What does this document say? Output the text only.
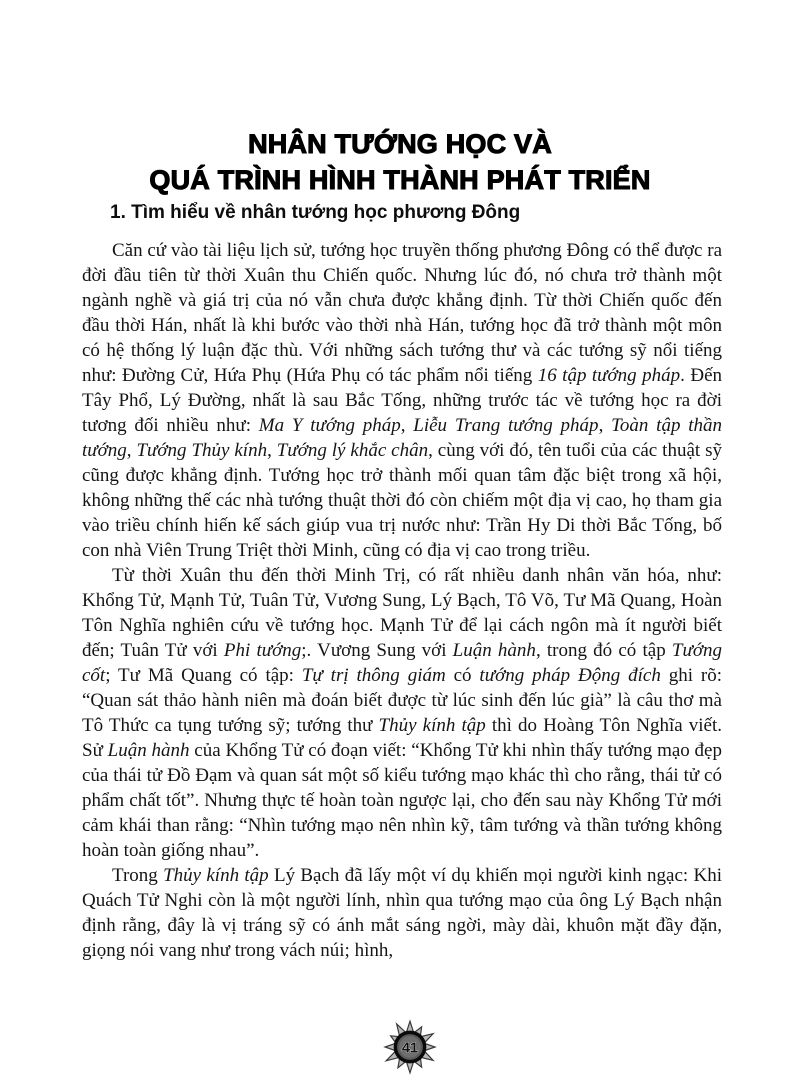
NHÂN TƯỚNG HỌC VÀ
QUÁ TRÌNH HÌNH THÀNH PHÁT TRIỂN
1. Tìm hiểu về nhân tướng học phương Đông

Căn cứ vào tài liệu lịch sử, tướng học truyền thống phương Đông có thể được ra đời đầu tiên từ thời Xuân thu Chiến quốc. Nhưng lúc đó, nó chưa trở thành một ngành nghề và giá trị của nó vẫn chưa được khẳng định. Từ thời Chiến quốc đến đầu thời Hán, nhất là khi bước vào thời nhà Hán, tướng học đã trở thành một môn có hệ thống lý luận đặc thù. Với những sách tướng thư và các tướng sỹ nổi tiếng như: Đường Cử, Hứa Phụ (Hứa Phụ có tác phẩm nổi tiếng 16 tập tướng pháp. Đến Tây Phổ, Lý Đường, nhất là sau Bắc Tống, những trước tác về tướng học ra đời tương đối nhiều như: Ma Y tướng pháp, Liễu Trang tướng pháp, Toàn tập thần tướng, Tướng Thủy kính, Tướng lý khắc chân, cùng với đó, tên tuổi của các thuật sỹ cũng được khẳng định. Tướng học trở thành mối quan tâm đặc biệt trong xã hội, không những thế các nhà tướng thuật thời đó còn chiếm một địa vị cao, họ tham gia vào triều chính hiến kế sách giúp vua trị nước như: Trần Hy Di thời Bắc Tống, bố con nhà Viên Trung Triệt thời Minh, cũng có địa vị cao trong triều.

Từ thời Xuân thu đến thời Minh Trị, có rất nhiều danh nhân văn hóa, như: Khổng Tử, Mạnh Tử, Tuân Tử, Vương Sung, Lý Bạch, Tô Võ, Tư Mã Quang, Hoàn Tôn Nghĩa nghiên cứu về tướng học. Mạnh Tử để lại cách ngôn mà ít người biết đến; Tuân Tử với Phi tướng;. Vương Sung với Luận hành, trong đó có tập Tướng cốt; Tư Mã Quang có tập: Tự trị thông giám có tướng pháp Động đích ghi rõ: “Quan sát thảo hành niên mà đoán biết được từ lúc sinh đến lúc già” là câu thơ mà Tô Thức ca tụng tướng sỹ; tướng thư Thủy kính tập thì do Hoàng Tôn Nghĩa viết. Sử Luận hành của Khổng Tử có đoạn viết: “Khổng Tử khi nhìn thấy tướng mạo đẹp của thái tử Đồ Đạm và quan sát một số kiểu tướng mạo khác thì cho rằng, thái tử có phẩm chất tốt”. Nhưng thực tế hoàn toàn ngược lại, cho đến sau này Khổng Tử mới cảm khái than rằng: “Nhìn tướng mạo nên nhìn kỹ, tâm tướng và thần tướng không hoàn toàn giống nhau”.

Trong Thủy kính tập Lý Bạch đã lấy một ví dụ khiến mọi người kinh ngạc: Khi Quách Tử Nghi còn là một người lính, nhìn qua tướng mạo của ông Lý Bạch nhận định rằng, đây là vị tráng sỹ có ánh mắt sáng ngời, mày dài, khuôn mặt đầy đặn, giọng nói vang như trong vách núi; hình,

41
